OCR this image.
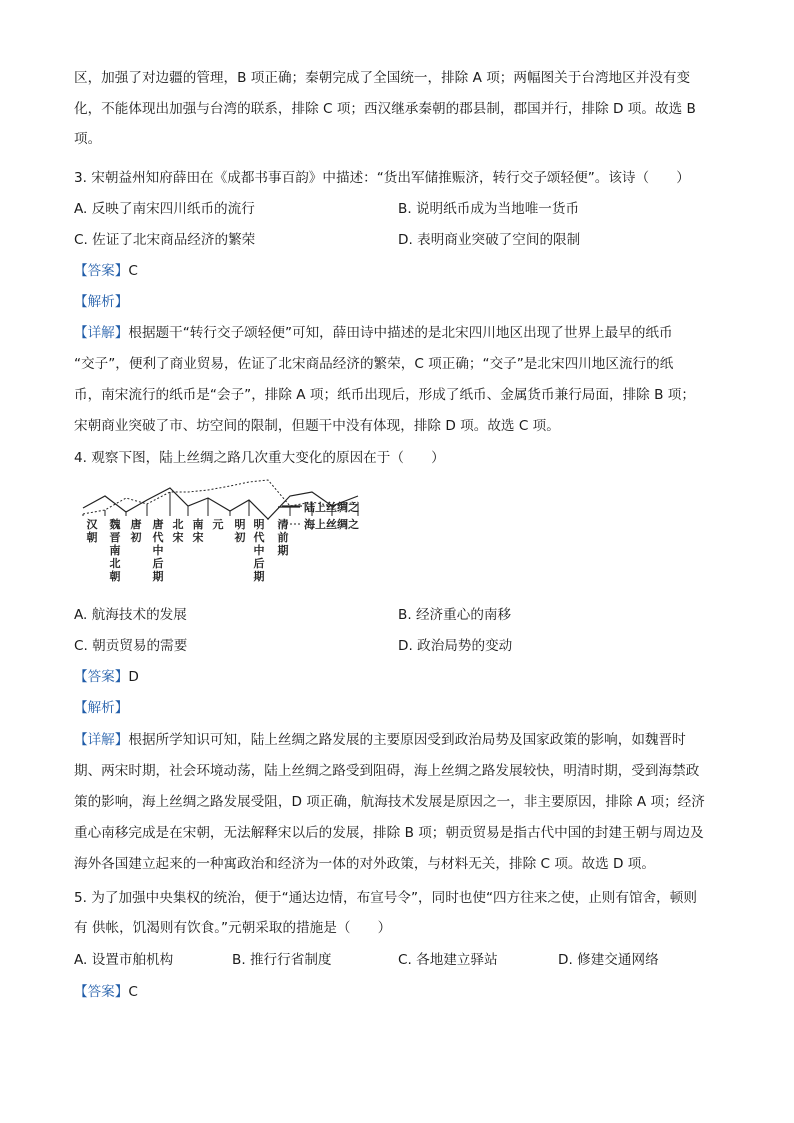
区，加强了对边疆的管理，B 项正确；秦朝完成了全国统一，排除 A 项；两幅图关于台湾地区并没有变
化，不能体现出加强与台湾的联系，排除 C 项；西汉继承秦朝的郡县制，郡国并行，排除 D 项。故选 B
项。
3. 宋朝益州知府薛田在《成都书事百韵》中描述：“货出军储推赈济，转行交子颂轻便”。该诗（　　）
A. 反映了南宋四川纸币的流行	B. 说明纸币成为当地唯一货币
C. 佐证了北宋商品经济的繁荣	D. 表明商业突破了空间的限制
【答案】C
【解析】
【详解】根据题干“转行交子颂轻便”可知，薛田诗中描述的是北宋四川地区出现了世界上最早的纸币
“交子”，便利了商业贸易，佐证了北宋商品经济的繁荣，C 项正确；“交子”是北宋四川地区流行的纸
币，南宋流行的纸币是“会子”，排除 A 项；纸币出现后，形成了纸币、金属货币兼行局面，排除 B 项；
宋朝商业突破了市、坊空间的限制，但题干中没有体现，排除 D 项。故选 C 项。
4. 观察下图，陆上丝绸之路几次重大变化的原因在于（　　）
汉朝
魏晋南北朝
唐初
唐代中后期
北宋
南宋
元 明初
明代中后期
清前期
陆上丝绸之
海上丝绸之
A. 航海技术的发展	B. 经济重心的南移
C. 朝贡贸易的需要	D. 政治局势的变动
【答案】D
【解析】
【详解】根据所学知识可知，陆上丝绸之路发展的主要原因受到政治局势及国家政策的影响，如魏晋时
期、两宋时期，社会环境动荡，陆上丝绸之路受到阻碍，海上丝绸之路发展较快，明清时期，受到海禁政
策的影响，海上丝绸之路发展受阻，D 项正确，航海技术发展是原因之一，非主要原因，排除 A 项；经济
重心南移完成是在宋朝，无法解释宋以后的发展，排除 B 项；朝贡贸易是指古代中国的封建王朝与周边及
海外各国建立起来的一种寓政治和经济为一体的对外政策，与材料无关，排除 C 项。故选 D 项。
5. 为了加强中央集权的统治，便于“通达边情，布宣号令”，同时也使“四方往来之使，止则有馆舍，顿则
有 供帐，饥渴则有饮食。”元朝采取的措施是（　　）
A. 设置市舶机构	B. 推行行省制度	C. 各地建立驿站	D. 修建交通网络
【答案】C
